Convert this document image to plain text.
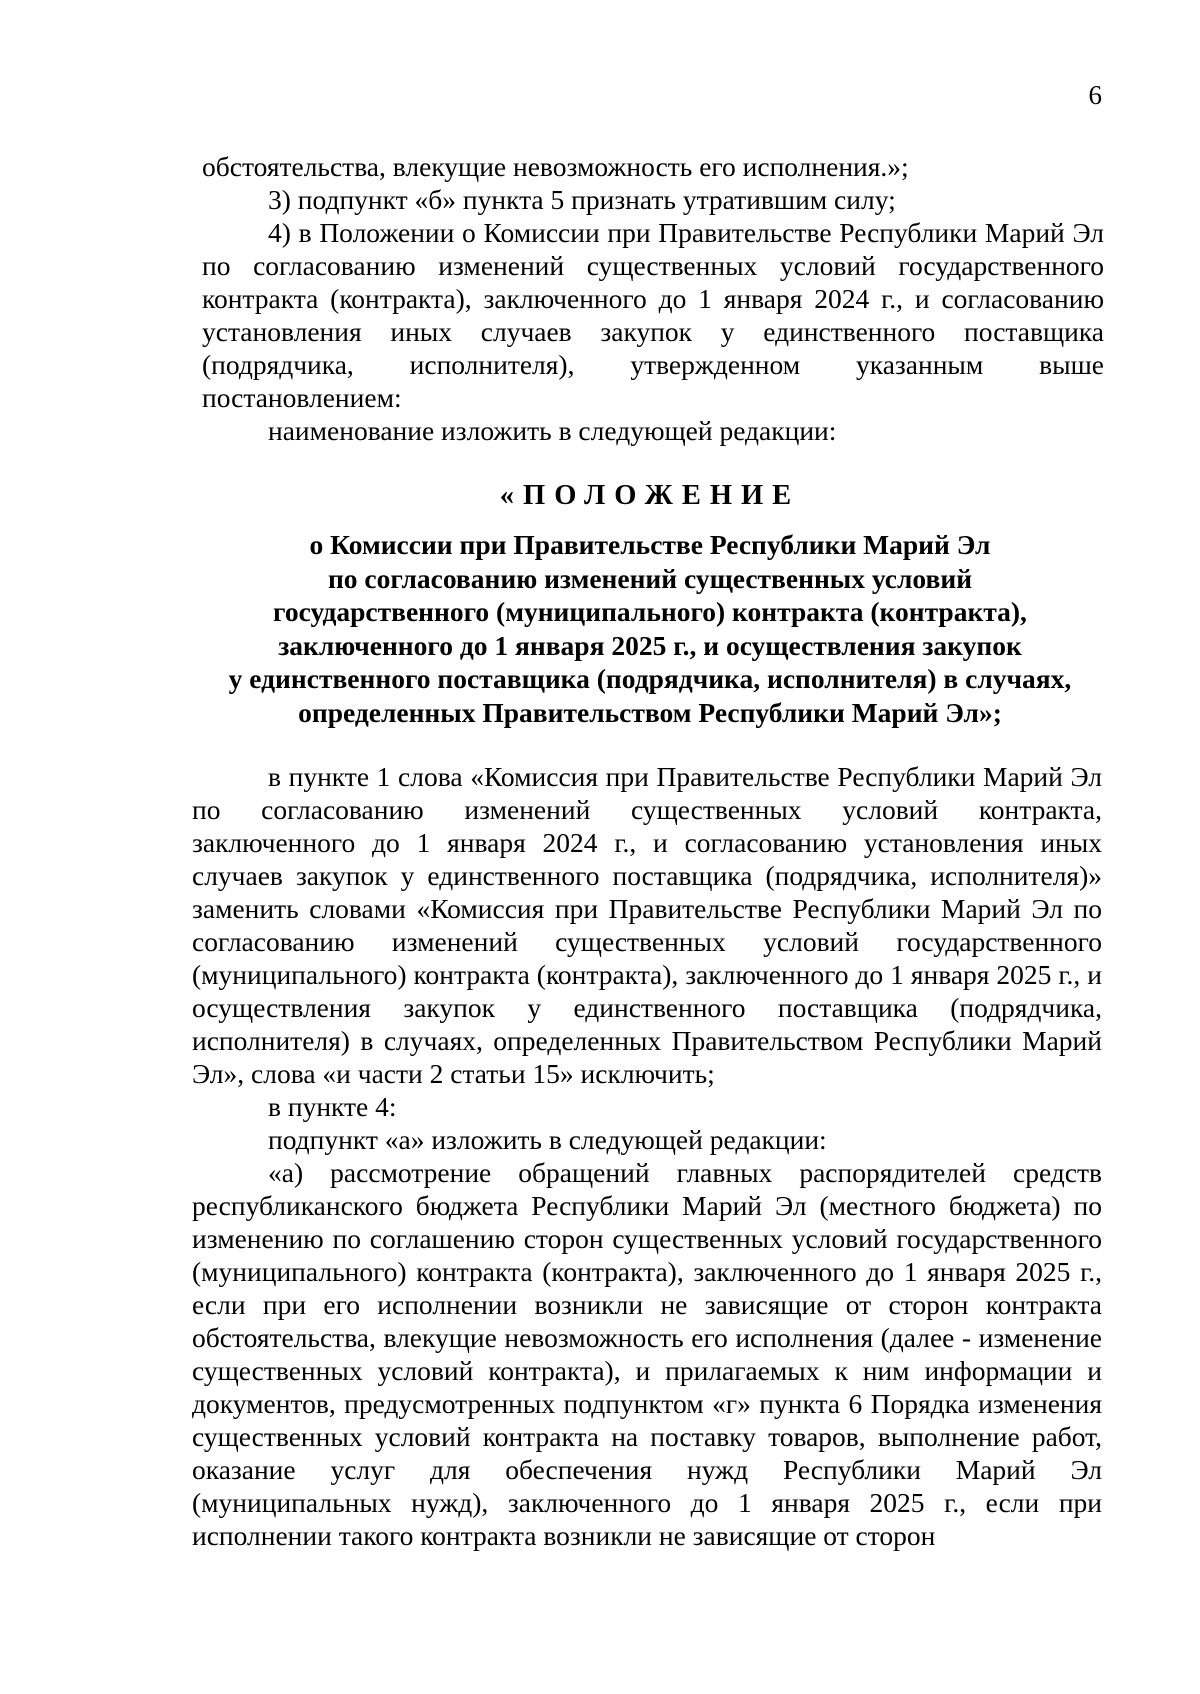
6

обстоятельства, влекущие невозможность его исполнения.»;

3) подпункт «б» пункта 5 признать утратившим силу;

4) в Положении о Комиссии при Правительстве Республики Марий Эл по согласованию изменений существенных условий государственного контракта (контракта), заключенного до 1 января 2024 г., и согласованию установления иных случаев закупок у единственного поставщика (подрядчика, исполнителя), утвержденном указанным выше постановлением:

наименование изложить в следующей редакции:

«ПОЛОЖЕНИЕ
о Комиссии при Правительстве Республики Марий Эл
по согласованию изменений существенных условий
государственного (муниципального) контракта (контракта),
заключенного до 1 января 2025 г., и осуществления закупок
у единственного поставщика (подрядчика, исполнителя) в случаях,
определенных Правительством Республики Марий Эл»;

в пункте 1 слова «Комиссия при Правительстве Республики Марий Эл по согласованию изменений существенных условий контракта, заключенного до 1 января 2024 г., и согласованию установления иных случаев закупок у единственного поставщика (подрядчика, исполнителя)» заменить словами «Комиссия при Правительстве Республики Марий Эл по согласованию изменений существенных условий государственного (муниципального) контракта (контракта), заключенного до 1 января 2025 г., и осуществления закупок у единственного поставщика (подрядчика, исполнителя) в случаях, определенных Правительством Республики Марий Эл», слова «и части 2 статьи 15» исключить;

в пункте 4:

подпункт «а» изложить в следующей редакции:

«а) рассмотрение обращений главных распорядителей средств республиканского бюджета Республики Марий Эл (местного бюджета) по изменению по соглашению сторон существенных условий государственного (муниципального) контракта (контракта), заключенного до 1 января 2025 г., если при его исполнении возникли не зависящие от сторон контракта обстоятельства, влекущие невозможность его исполнения (далее - изменение существенных условий контракта), и прилагаемых к ним информации и документов, предусмотренных подпунктом «г» пункта 6 Порядка изменения существенных условий контракта на поставку товаров, выполнение работ, оказание услуг для обеспечения нужд Республики Марий Эл (муниципальных нужд), заключенного до 1 января 2025 г., если при исполнении такого контракта возникли не зависящие от сторон
